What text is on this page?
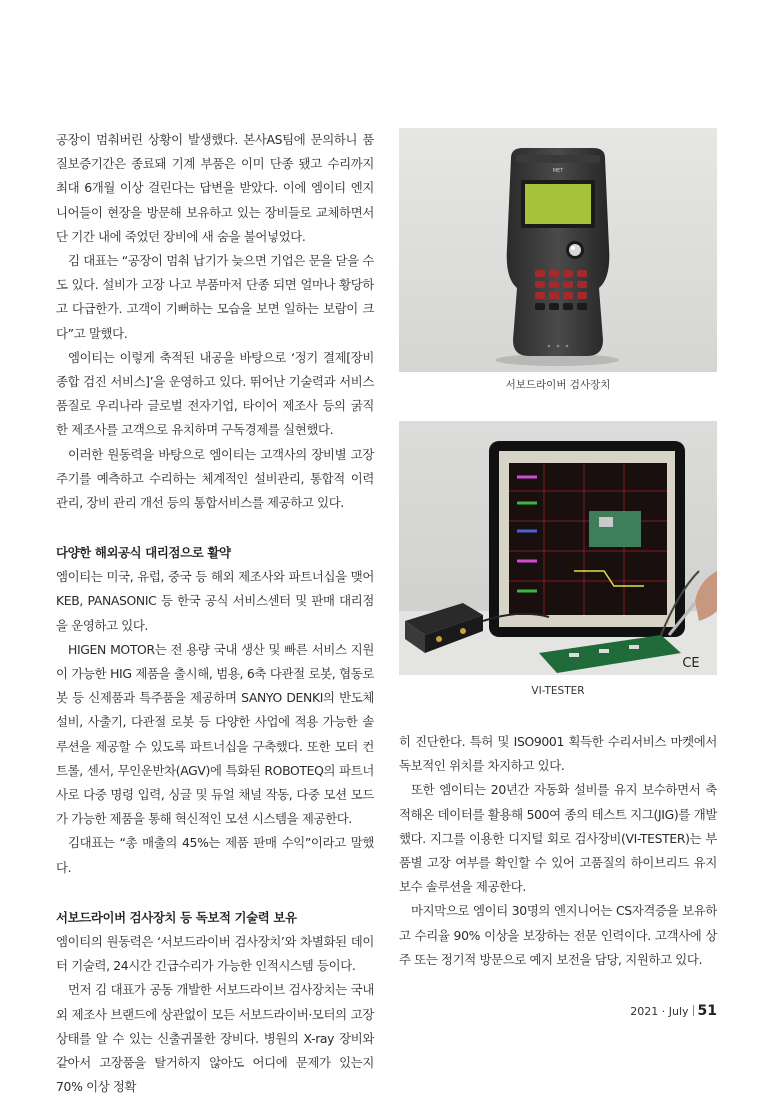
공장이 멈춰버린 상황이 발생했다. 본사AS팀에 문의하니 품질보증기간은 종료돼 기계 부품은 이미 단종 됐고 수리까지 최대 6개월 이상 걸린다는 답변을 받았다. 이에 엠이티 엔지니어들이 현장을 방문해 보유하고 있는 장비들로 교체하면서 단 기간 내에 죽었던 장비에 새 숨을 불어넣었다.

김 대표는 “공장이 멈춰 납기가 늦으면 기업은 문을 닫을 수도 있다. 설비가 고장 나고 부품마저 단종 되면 얼마나 황당하고 다급한가. 고객이 기뻐하는 모습을 보면 일하는 보람이 크다”고 말했다.

엠이티는 이렇게 축적된 내공을 바탕으로 ‘정기 결제[장비 종합 검진 서비스]’을 운영하고 있다. 뛰어난 기술력과 서비스 품질로 우리나라 글로벌 전자기업, 타이어 제조사 등의 굵직한 제조사를 고객으로 유치하며 구독경제를 실현했다.

이러한 원동력을 바탕으로 엠이티는 고객사의 장비별 고장 주기를 예측하고 수리하는 체계적인 설비관리, 통합적 이력 관리, 장비 관리 개선 등의 통합서비스를 제공하고 있다.

다양한 해외공식 대리점으로 활약

엠이티는 미국, 유럽, 중국 등 해외 제조사와 파트너십을 맺어 KEB, PANASONIC 등 한국 공식 서비스센터 및 판매 대리점을 운영하고 있다.

HIGEN MOTOR는 전 용량 국내 생산 및 빠른 서비스 지원이 가능한 HIG 제품을 출시해, 범용, 6축 다관절 로봇, 협동로봇 등 신제품과 특주품을 제공하며 SANYO DENKI의 반도체 설비, 사출기, 다관절 로봇 등 다양한 사업에 적용 가능한 솔루션을 제공할 수 있도록 파트너십을 구축했다. 또한 모터 컨트롤, 센서, 무인운반차(AGV)에 특화된 ROBOTEQ의 파트너사로 다중 명령 입력, 싱글 및 듀얼 채널 작동, 다중 모션 모드가 가능한 제품을 통해 혁신적인 모션 시스템을 제공한다.

김대표는 “총 매출의 45%는 제품 판매 수익”이라고 말했다.

서보드라이버 검사장치 등 독보적 기술력 보유

엠이티의 원동력은 ‘서보드라이버 검사장치’와 차별화된 데이터 기술력, 24시간 긴급수리가 가능한 인적시스템 등이다.

먼저 김 대표가 공동 개발한 서보드라이브 검사장치는 국내외 제조사 브랜드에 상관없이 모든 서보드라이버·모터의 고장 상태를 알 수 있는 신출귀몰한 장비다. 병원의 X-ray 장비와 같아서 고장품을 탈거하지 않아도 어디에 문제가 있는지 70% 이상 정확

MET
서보드라이버 검사장치
CE
VI-TESTER

히 진단한다. 특허 및 ISO9001 획득한 수리서비스 마켓에서 독보적인 위치를 차지하고 있다.

또한 엠이티는 20년간 자동화 설비를 유지 보수하면서 축적해온 데이터를 활용해 500여 종의 테스트 지그(JIG)를 개발했다. 지그를 이용한 디지털 회로 검사장비(VI-TESTER)는 부품별 고장 여부를 확인할 수 있어 고품질의 하이브리드 유지보수 솔루션을 제공한다.

마지막으로 엠이티 30명의 엔지니어는 CS자격증을 보유하고 수리율 90% 이상을 보장하는 전문 인력이다. 고객사에 상주 또는 정기적 방문으로 예지 보전을 담당, 지원하고 있다.

2021 · July 51
